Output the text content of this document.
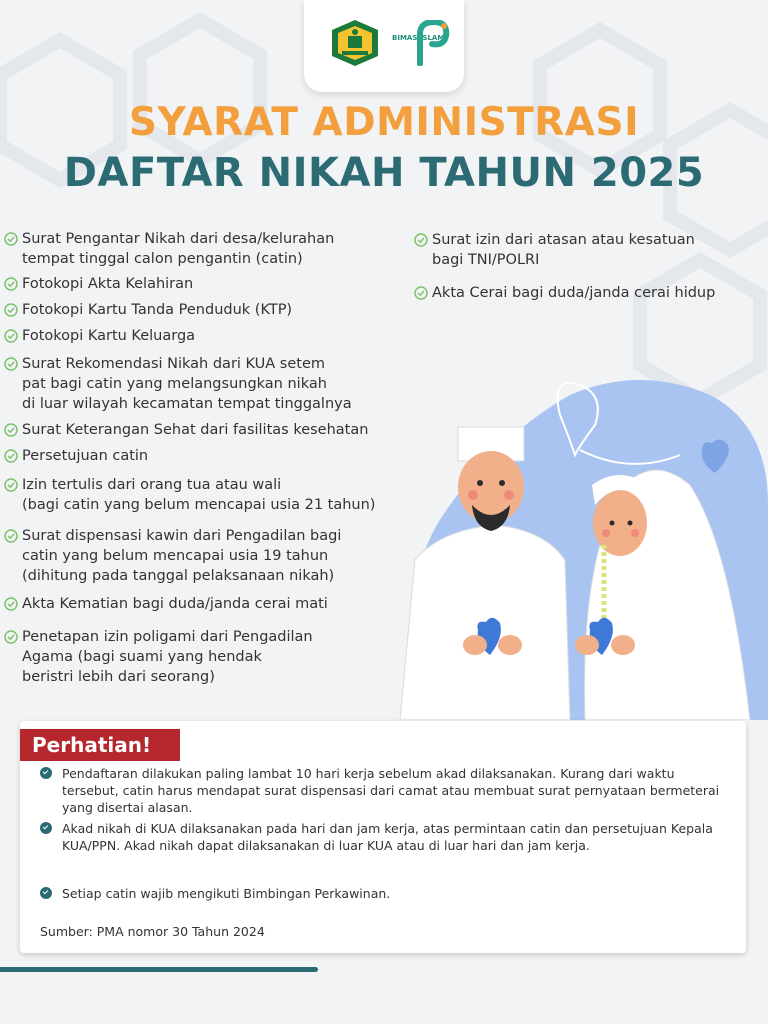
BIMAS ISLAM
SYARAT ADMINISTRASI
DAFTAR NIKAH TAHUN 2025
Surat Pengantar Nikah dari desa/kelurahan
tempat tinggal calon pengantin (catin)
Fotokopi Akta Kelahiran
Fotokopi Kartu Tanda Penduduk (KTP)
Fotokopi Kartu Keluarga
Surat Rekomendasi Nikah dari KUA setem
pat bagi catin yang melangsungkan nikah
di luar wilayah kecamatan tempat tinggalnya
Surat Keterangan Sehat dari fasilitas kesehatan
Persetujuan catin
Izin tertulis dari orang tua atau wali
(bagi catin yang belum mencapai usia 21 tahun)
Surat dispensasi kawin dari Pengadilan bagi
catin yang belum mencapai usia 19 tahun
(dihitung pada tanggal pelaksanaan nikah)
Akta Kematian bagi duda/janda cerai mati
Penetapan izin poligami dari Pengadilan
Agama (bagi suami yang hendak
beristri lebih dari seorang)
Surat izin dari atasan atau kesatuan
bagi TNI/POLRI
Akta Cerai bagi duda/janda cerai hidup
Perhatian!
Pendaftaran dilakukan paling lambat 10 hari kerja sebelum akad dilaksanakan. Kurang dari waktu tersebut, catin harus mendapat surat dispensasi dari camat atau membuat surat pernyataan bermeterai yang disertai alasan.
Akad nikah di KUA dilaksanakan pada hari dan jam kerja, atas permintaan catin dan persetujuan Kepala KUA/PPN. Akad nikah dapat dilaksanakan di luar KUA atau di luar hari dan jam kerja.
Setiap catin wajib mengikuti Bimbingan Perkawinan.
Sumber: PMA nomor 30 Tahun 2024
